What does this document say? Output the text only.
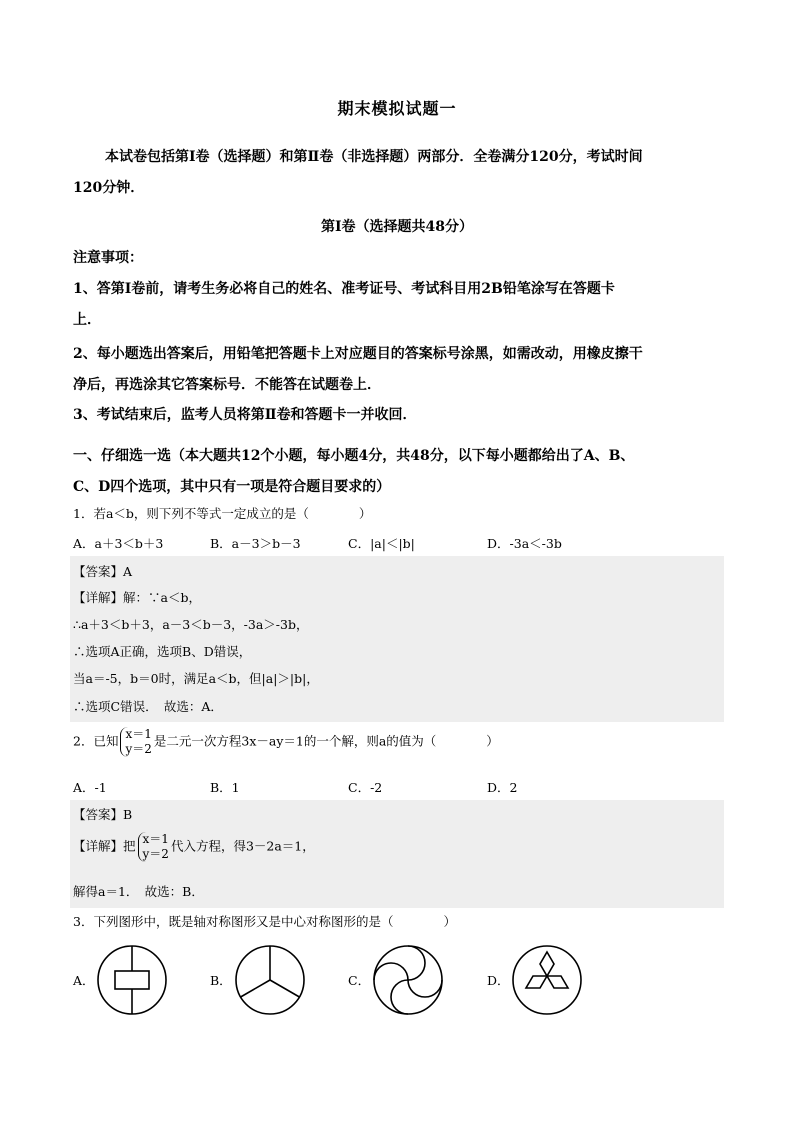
期末模拟试题一
本试卷包括第Ⅰ卷（选择题）和第Ⅱ卷（非选择题）两部分．全卷满分120分，考试时间
120分钟．
第Ⅰ卷（选择题共48分）
注意事项：
1、答第Ⅰ卷前，请考生务必将自己的姓名、准考证号、考试科目用2B铅笔涂写在答题卡
上．
2、每小题选出答案后，用铅笔把答题卡上对应题目的答案标号涂黑，如需改动，用橡皮擦干
净后，再选涂其它答案标号．不能答在试题卷上．
3、考试结束后，监考人员将第Ⅱ卷和答题卡一并收回．
一、仔细选一选（本大题共12个小题，每小题4分，共48分，以下每小题都给出了A、B、
C、D四个选项，其中只有一项是符合题目要求的）
1．若a＜b，则下列不等式一定成立的是（　　　　）
A．a＋3＜b＋3	B．a－3＞b－3	C．|a|＜|b|	D．-3a＜-3b
【答案】A
【详解】解：∵a＜b，
∴a＋3＜b＋3，a－3＜b－3，-3a＞-3b，
∴选项A正确，选项B、D错误，
当a＝-5，b＝0时，满足a＜b，但|a|＞|b|，
∴选项C错误．　故选：A．
2．已知 x＝1
y＝2是二元一次方程3x－ay＝1的一个解，则a的值为（　　　　）
A．-1	B．1	C．-2	D．2
【答案】B
【详解】把 x＝1
y＝2代入方程，得3－2a＝1，
解得a＝1．　故选：B．
3．下列图形中，既是轴对称图形又是中心对称图形的是（　　　　）
A．	B．	C．	D．
